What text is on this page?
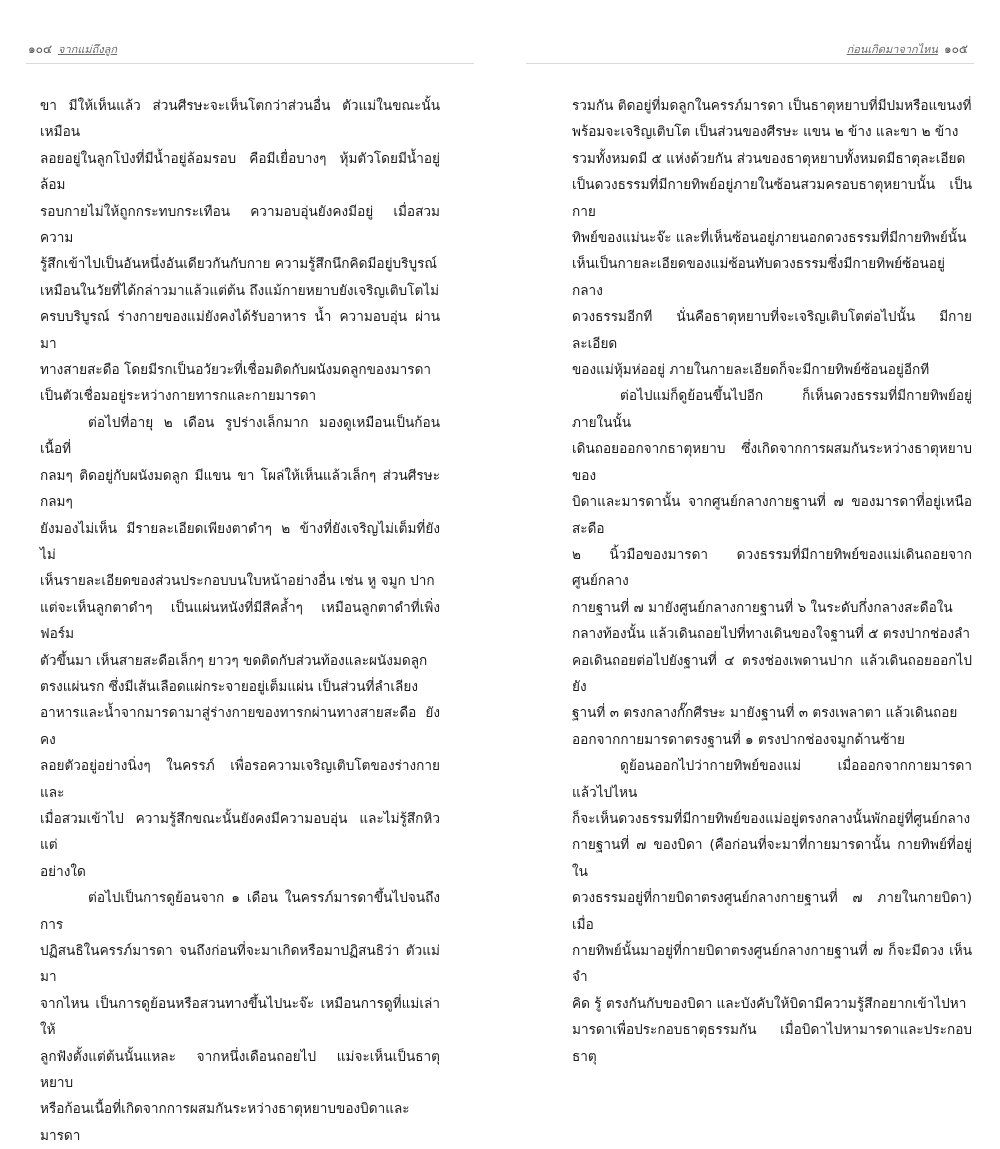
๑๐๔ จากแม่ถึงลูก

ขา มีให้เห็นแล้ว ส่วนศีรษะจะเห็นโตกว่าส่วนอื่น ตัวแม่ในขณะนั้นเหมือน
ลอยอยู่ในลูกโป่งที่มีน้ำอยู่ล้อมรอบ คือมีเยื่อบางๆ หุ้มตัวโดยมีน้ำอยู่ล้อม
รอบกายไม่ให้ถูกกระทบกระเทือน ความอบอุ่นยังคงมีอยู่ เมื่อสวมความ
รู้สึกเข้าไปเป็นอันหนึ่งอันเดียวกันกับกาย ความรู้สึกนึกคิดมีอยู่บริบูรณ์
เหมือนในวัยที่ได้กล่าวมาแล้วแต่ต้น ถึงแม้กายหยาบยังเจริญเติบโตไม่
ครบบริบูรณ์ ร่างกายของแม่ยังคงได้รับอาหาร น้ำ ความอบอุ่น ผ่านมา
ทางสายสะดือ โดยมีรกเป็นอวัยวะที่เชื่อมติดกับผนังมดลูกของมารดา
เป็นตัวเชื่อมอยู่ระหว่างกายทารกและกายมารดา

ต่อไปที่อายุ ๒ เดือน รูปร่างเล็กมาก มองดูเหมือนเป็นก้อนเนื้อที่
กลมๆ ติดอยู่กับผนังมดลูก มีแขน ขา โผล่ให้เห็นแล้วเล็กๆ ส่วนศีรษะกลมๆ
ยังมองไม่เห็น มีรายละเอียดเพียงตาดำๆ ๒ ข้างที่ยังเจริญไม่เต็มที่ยังไม่
เห็นรายละเอียดของส่วนประกอบบนใบหน้าอย่างอื่น เช่น หู จมูก ปาก
แต่จะเห็นลูกตาดำๆ เป็นแผ่นหนังที่มีสีคล้ำๆ เหมือนลูกตาดำที่เพิ่งฟอร์ม
ตัวขึ้นมา เห็นสายสะดือเล็กๆ ยาวๆ ขดติดกับส่วนท้องและผนังมดลูก
ตรงแผ่นรก ซึ่งมีเส้นเลือดแผ่กระจายอยู่เต็มแผ่น เป็นส่วนที่ลำเลียง
อาหารและน้ำจากมารดามาสู่ร่างกายของทารกผ่านทางสายสะดือ ยังคง
ลอยตัวอยู่อย่างนิ่งๆ ในครรภ์ เพื่อรอความเจริญเติบโตของร่างกายและ
เมื่อสวมเข้าไป ความรู้สึกขณะนั้นยังคงมีความอบอุ่น และไม่รู้สึกหิวแต่
อย่างใด

ต่อไปเป็นการดูย้อนจาก ๑ เดือน ในครรภ์มารดาขึ้นไปจนถึงการ
ปฏิสนธิในครรภ์มารดา จนถึงก่อนที่จะมาเกิดหรือมาปฏิสนธิว่า ตัวแม่มา
จากไหน เป็นการดูย้อนหรือสวนทางขึ้นไปนะจ๊ะ เหมือนการดูที่แม่เล่าให้
ลูกฟังตั้งแต่ต้นนั้นแหละ จากหนึ่งเดือนถอยไป แม่จะเห็นเป็นธาตุหยาบ
หรือก้อนเนื้อที่เกิดจากการผสมกันระหว่างธาตุหยาบของบิดาและมารดา

ก่อนเกิดมาจากไหน ๑๐๕

รวมกัน ติดอยู่ที่มดลูกในครรภ์มารดา เป็นธาตุหยาบที่มีปมหรือแขนงที่
พร้อมจะเจริญเติบโต เป็นส่วนของศีรษะ แขน ๒ ข้าง และขา ๒ ข้าง
รวมทั้งหมดมี ๕ แห่งด้วยกัน ส่วนของธาตุหยาบทั้งหมดมีธาตุละเอียด
เป็นดวงธรรมที่มีกายทิพย์อยู่ภายในซ้อนสวมครอบธาตุหยาบนั้น เป็นกาย
ทิพย์ของแม่นะจ๊ะ และที่เห็นซ้อนอยู่ภายนอกดวงธรรมที่มีกายทิพย์นั้น
เห็นเป็นกายละเอียดของแม่ซ้อนทับดวงธรรมซึ่งมีกายทิพย์ซ้อนอยู่กลาง
ดวงธรรมอีกที นั่นคือธาตุหยาบที่จะเจริญเติบโตต่อไปนั้น มีกายละเอียด
ของแม่หุ้มห่ออยู่ ภายในกายละเอียดก็จะมีกายทิพย์ซ้อนอยู่อีกที

ต่อไปแม่ก็ดูย้อนขึ้นไปอีก ก็เห็นดวงธรรมที่มีกายทิพย์อยู่ภายในนั้น
เดินถอยออกจากธาตุหยาบ ซึ่งเกิดจากการผสมกันระหว่างธาตุหยาบของ
บิดาและมารดานั้น จากศูนย์กลางกายฐานที่ ๗ ของมารดาที่อยู่เหนือสะดือ
๒ นิ้วมือของมารดา ดวงธรรมที่มีกายทิพย์ของแม่เดินถอยจากศูนย์กลาง
กายฐานที่ ๗ มายังศูนย์กลางกายฐานที่ ๖ ในระดับกึ่งกลางสะดือใน
กลางท้องนั้น แล้วเดินถอยไปที่ทางเดินของใจฐานที่ ๕ ตรงปากช่องลำ
คอเดินถอยต่อไปยังฐานที่ ๔ ตรงช่องเพดานปาก แล้วเดินถอยออกไปยัง
ฐานที่ ๓ ตรงกลางกั๊กศีรษะ มายังฐานที่ ๓ ตรงเพลาตา แล้วเดินถอย
ออกจากกายมารดาตรงฐานที่ ๑ ตรงปากช่องจมูกด้านซ้าย

ดูย้อนออกไปว่ากายทิพย์ของแม่ เมื่อออกจากกายมารดาแล้วไปไหน
ก็จะเห็นดวงธรรมที่มีกายทิพย์ของแม่อยู่ตรงกลางนั้นพักอยู่ที่ศูนย์กลาง
กายฐานที่ ๗ ของบิดา (คือก่อนที่จะมาที่กายมารดานั้น กายทิพย์ที่อยู่ใน
ดวงธรรมอยู่ที่กายบิดาตรงศูนย์กลางกายฐานที่ ๗ ภายในกายบิดา) เมื่อ
กายทิพย์นั้นมาอยู่ที่กายบิดาตรงศูนย์กลางกายฐานที่ ๗ ก็จะมีดวง เห็น จำ
คิด รู้ ตรงกันกับของบิดา และบังคับให้บิดามีความรู้สึกอยากเข้าไปหา
มารดาเพื่อประกอบธาตุธรรมกัน เมื่อบิดาไปหามารดาและประกอบธาตุ
